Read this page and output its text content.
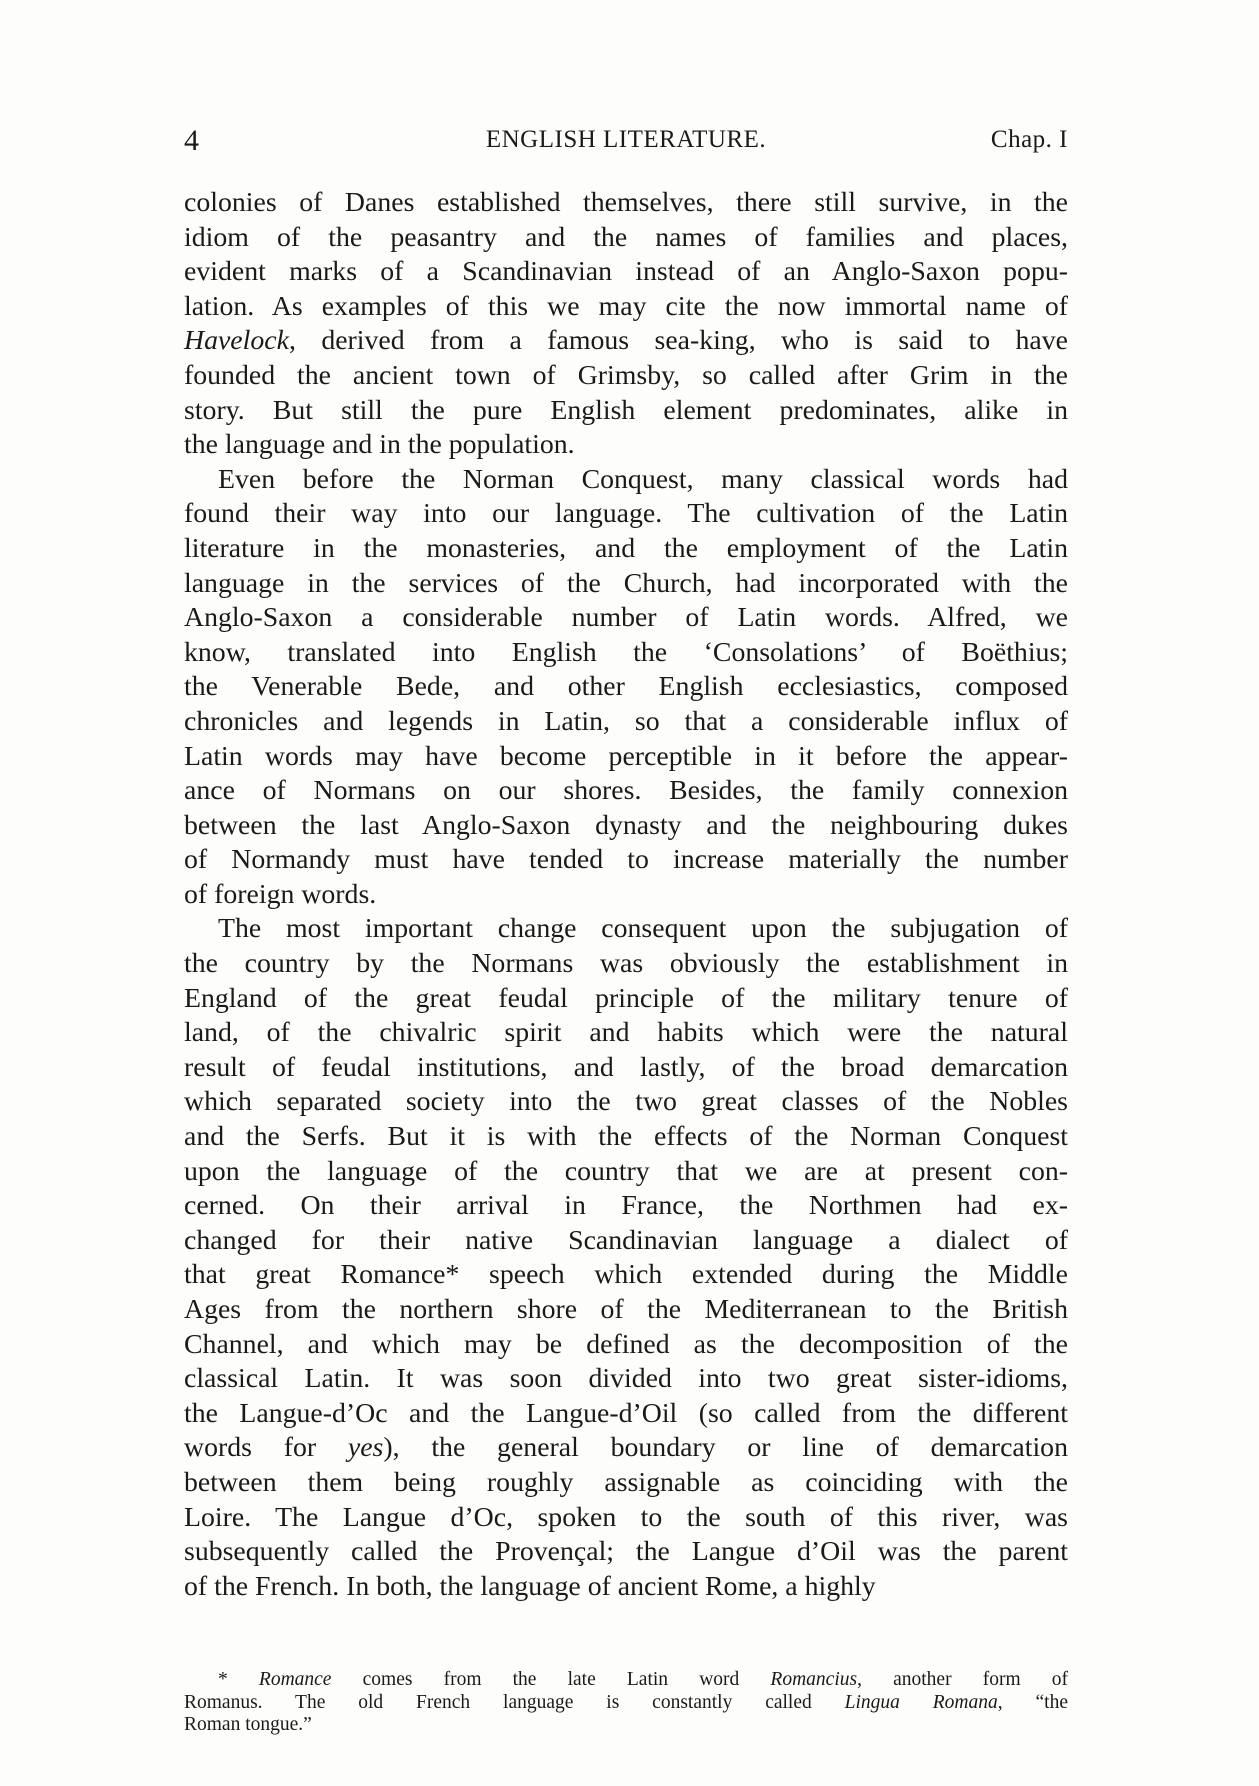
4	ENGLISH LITERATURE.	Chap. I

colonies of Danes established themselves, there still survive, in the
idiom of the peasantry and the names of families and places,
evident marks of a Scandinavian instead of an Anglo-Saxon popu-
lation. As examples of this we may cite the now immortal name of
Havelock, derived from a famous sea-king, who is said to have
founded the ancient town of Grimsby, so called after Grim in the
story. But still the pure English element predominates, alike in
the language and in the population.

Even before the Norman Conquest, many classical words had
found their way into our language. The cultivation of the Latin
literature in the monasteries, and the employment of the Latin
language in the services of the Church, had incorporated with the
Anglo-Saxon a considerable number of Latin words. Alfred, we
know, translated into English the ‘Consolations’ of Boëthius;
the Venerable Bede, and other English ecclesiastics, composed
chronicles and legends in Latin, so that a considerable influx of
Latin words may have become perceptible in it before the appear-
ance of Normans on our shores. Besides, the family connexion
between the last Anglo-Saxon dynasty and the neighbouring dukes
of Normandy must have tended to increase materially the number
of foreign words.

The most important change consequent upon the subjugation of
the country by the Normans was obviously the establishment in
England of the great feudal principle of the military tenure of
land, of the chivalric spirit and habits which were the natural
result of feudal institutions, and lastly, of the broad demarcation
which separated society into the two great classes of the Nobles
and the Serfs. But it is with the effects of the Norman Conquest
upon the language of the country that we are at present con-
cerned. On their arrival in France, the Northmen had ex-
changed for their native Scandinavian language a dialect of
that great Romance* speech which extended during the Middle
Ages from the northern shore of the Mediterranean to the British
Channel, and which may be defined as the decomposition of the
classical Latin. It was soon divided into two great sister-idioms,
the Langue-d’Oc and the Langue-d’Oil (so called from the different
words for yes), the general boundary or line of demarcation
between them being roughly assignable as coinciding with the
Loire. The Langue d’Oc, spoken to the south of this river, was
subsequently called the Provençal; the Langue d’Oil was the parent
of the French. In both, the language of ancient Rome, a highly

* Romance comes from the late Latin word Romancius, another form of
Romanus. The old French language is constantly called Lingua Romana, “the
Roman tongue.”
